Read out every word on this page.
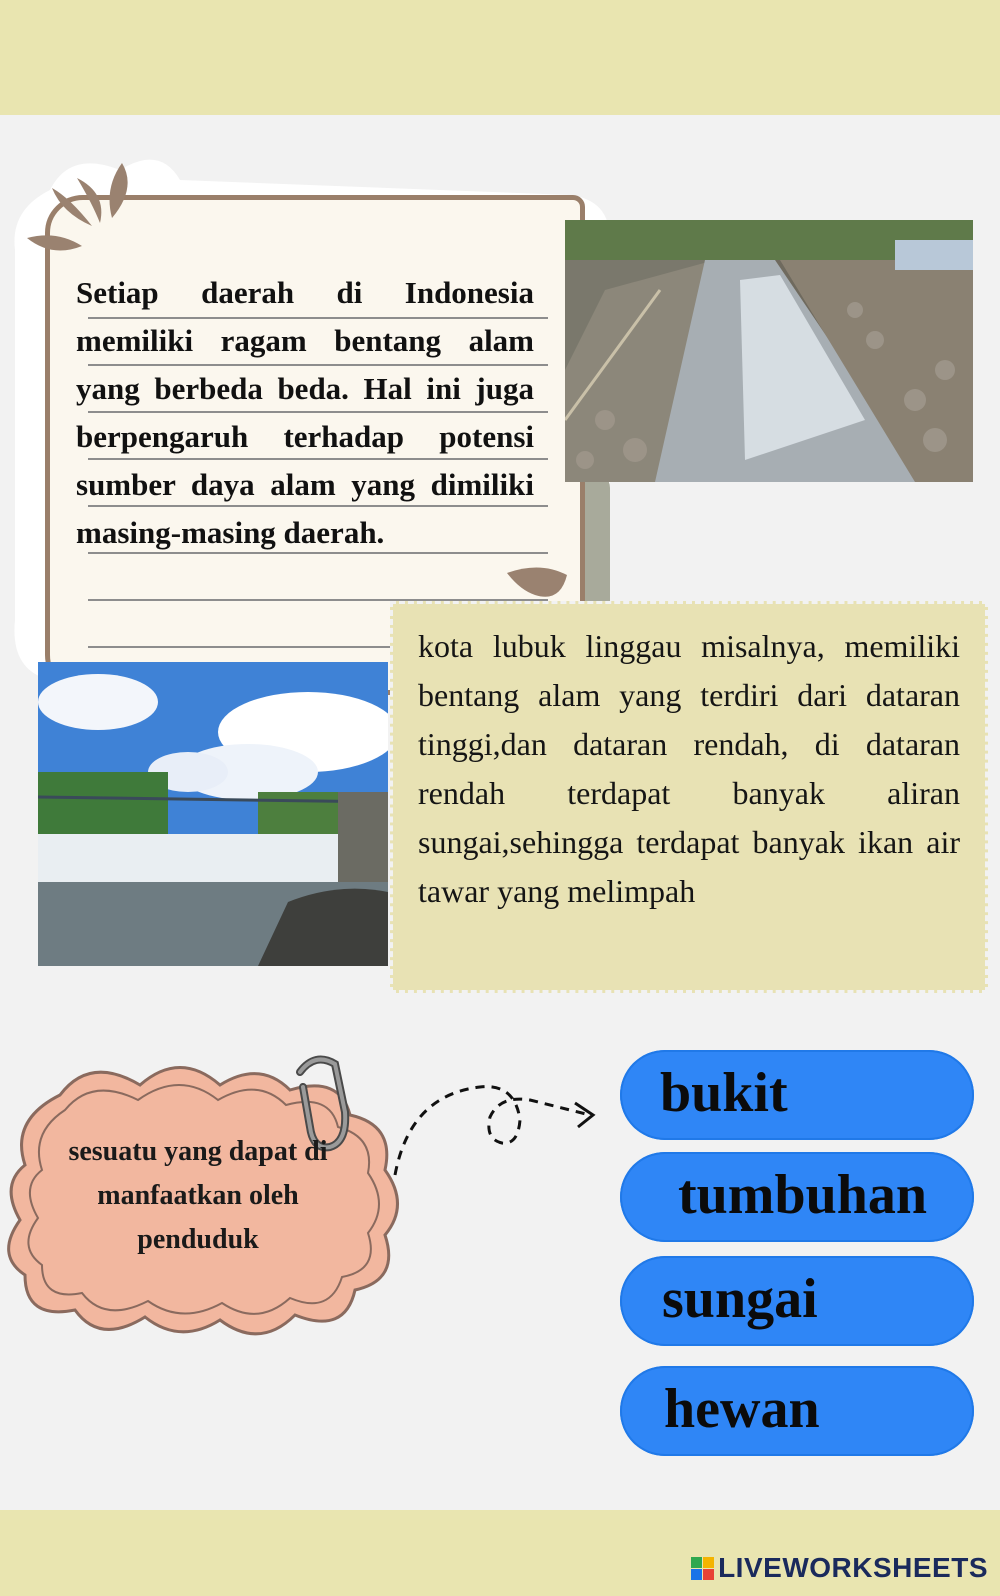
Setiap daerah di Indonesia memiliki ragam bentang alam yang berbeda beda. Hal ini juga berpengaruh terhadap potensi sumber daya alam yang dimiliki masing-masing daerah.
kota lubuk linggau misalnya, memiliki bentang alam yang terdiri dari dataran tinggi,dan dataran rendah, di dataran rendah terdapat banyak aliran sungai,sehingga terdapat banyak ikan air tawar yang melimpah
sesuatu yang dapat di manfaatkan oleh penduduk
bukit
tumbuhan
sungai
hewan
LIVEWORKSHEETS
